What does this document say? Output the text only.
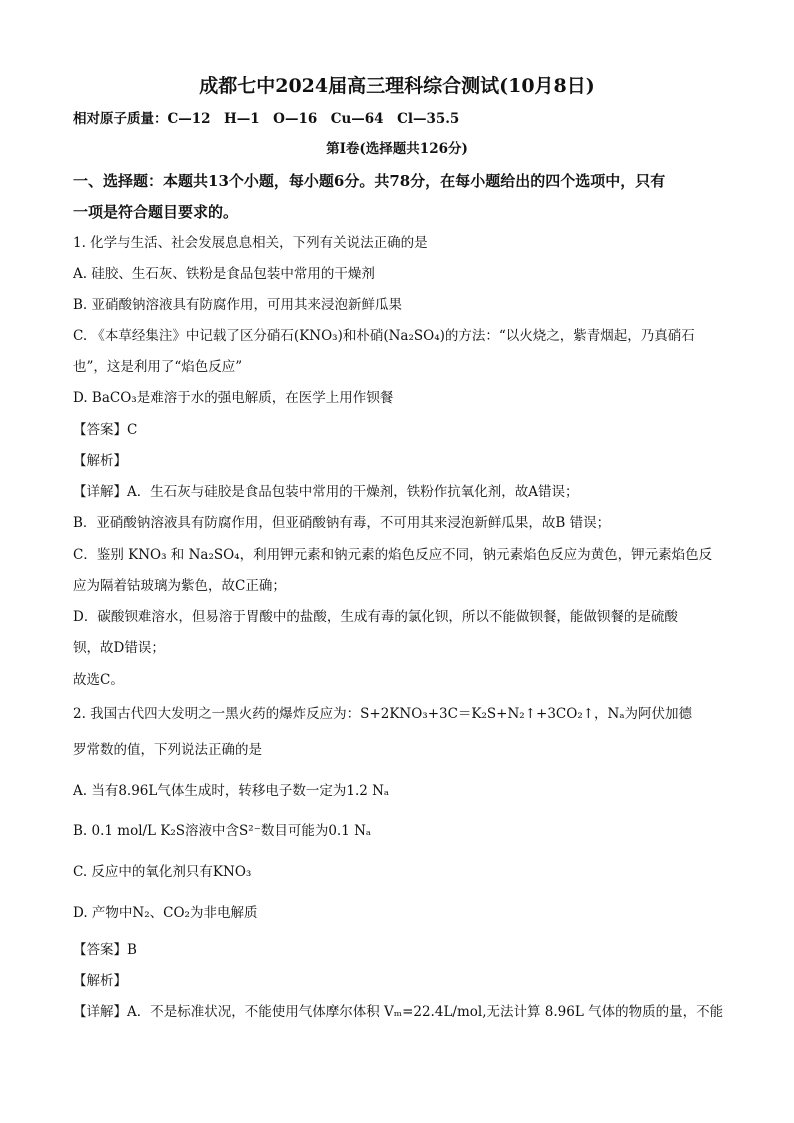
成都七中2024届高三理科综合测试(10月8日)
相对原子质量：C—12　H—1　O—16　Cu—64　Cl—35.5
第Ⅰ卷(选择题共126分)
一、选择题：本题共13个小题，每小题6分。共78分，在每小题给出的四个选项中，只有
一项是符合题目要求的。
1. 化学与生活、社会发展息息相关，下列有关说法正确的是
A. 硅胶、生石灰、铁粉是食品包装中常用的干燥剂
B. 亚硝酸钠溶液具有防腐作用，可用其来浸泡新鲜瓜果
C. 《本草经集注》中记载了区分硝石(KNO₃)和朴硝(Na₂SO₄)的方法：“以火烧之，紫青烟起，乃真硝石
也”，这是利用了“焰色反应”
D. BaCO₃是难溶于水的强电解质，在医学上用作钡餐
【答案】C
【解析】
【详解】A．生石灰与硅胶是食品包装中常用的干燥剂，铁粉作抗氧化剂，故A错误；
B．亚硝酸钠溶液具有防腐作用，但亚硝酸钠有毒，不可用其来浸泡新鲜瓜果，故B 错误；
C．鉴别 KNO₃ 和 Na₂SO₄，利用钾元素和钠元素的焰色反应不同，钠元素焰色反应为黄色，钾元素焰色反
应为隔着钴玻璃为紫色，故C正确；
D．碳酸钡难溶水，但易溶于胃酸中的盐酸，生成有毒的氯化钡，所以不能做钡餐，能做钡餐的是硫酸
钡，故D错误；
故选C。
2. 我国古代四大发明之一黑火药的爆炸反应为：S+2KNO₃+3C＝K₂S+N₂↑+3CO₂↑，Nₐ为阿伏加德
罗常数的值，下列说法正确的是
A. 当有8.96L气体生成时，转移电子数一定为1.2 Nₐ
B. 0.1 mol/L K₂S溶液中含S²⁻数目可能为0.1 Nₐ
C. 反应中的氧化剂只有KNO₃
D. 产物中N₂、CO₂为非电解质
【答案】B
【解析】
【详解】A．不是标准状况，不能使用气体摩尔体积 Vₘ=22.4L/mol,无法计算 8.96L 气体的物质的量，不能
